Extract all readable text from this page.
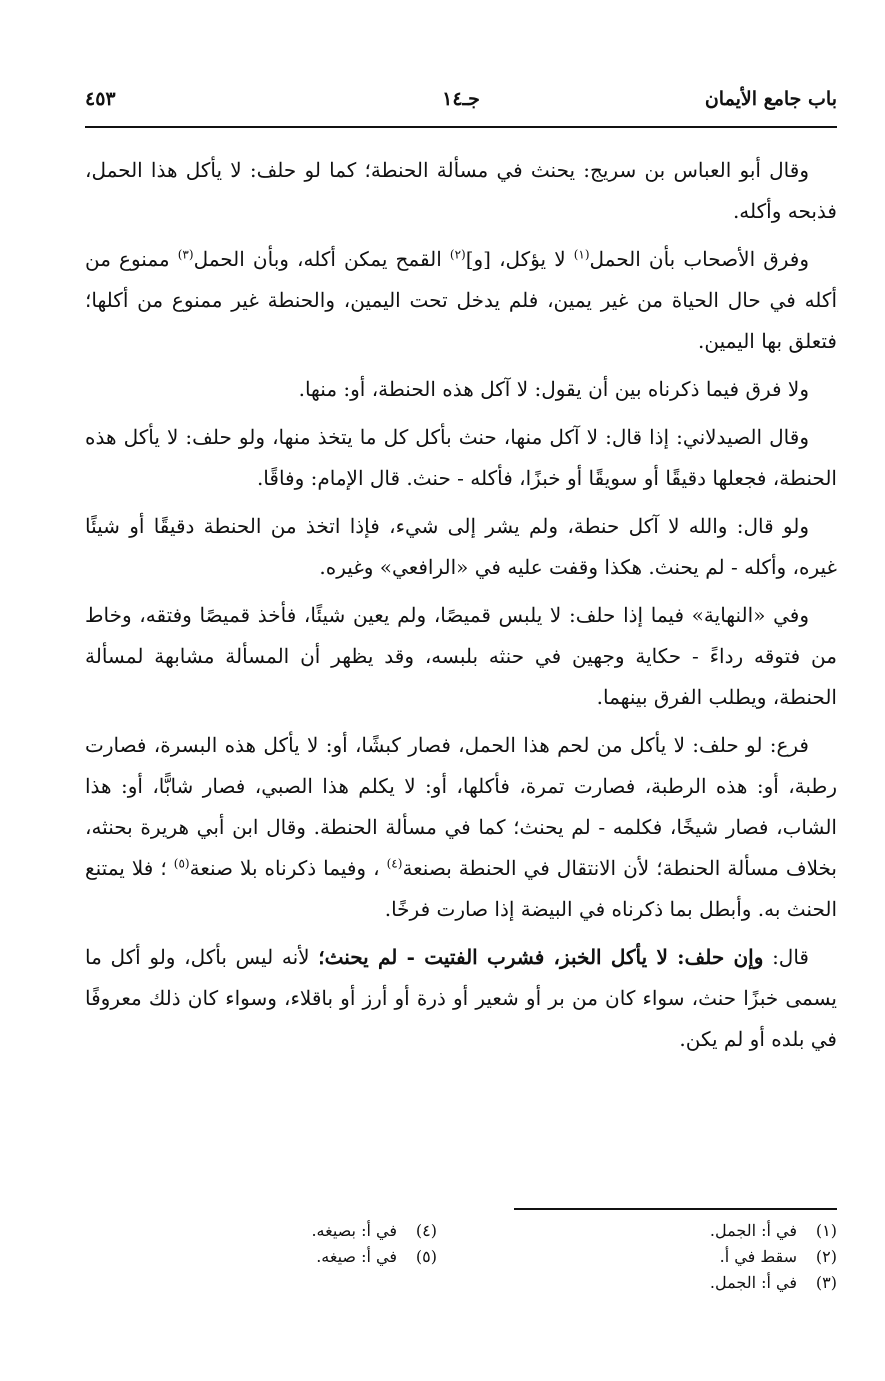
باب جامع الأيمان
جـ١٤
٤٥٣

وقال أبو العباس بن سريج: يحنث في مسألة الحنطة؛ كما لو حلف: لا يأكل هذا الحمل، فذبحه وأكله.

وفرق الأصحاب بأن الحمل$^{(١)}$ لا يؤكل، [و]$^{(٢)}$ القمح يمكن أكله، وبأن الحمل$^{(٣)}$ ممنوع من أكله في حال الحياة من غير يمين، فلم يدخل تحت اليمين، والحنطة غير ممنوع من أكلها؛ فتعلق بها اليمين.

ولا فرق فيما ذكرناه بين أن يقول: لا آكل هذه الحنطة، أو: منها.

وقال الصيدلاني: إذا قال: لا آكل منها، حنث بأكل كل ما يتخذ منها، ولو حلف: لا يأكل هذه الحنطة، فجعلها دقيقًا أو سويقًا أو خبزًا، فأكله - حنث. قال الإمام: وفاقًا.

ولو قال: والله لا آكل حنطة، ولم يشر إلى شيء، فإذا اتخذ من الحنطة دقيقًا أو شيئًا غيره، وأكله - لم يحنث. هكذا وقفت عليه في «الرافعي» وغيره.

وفي «النهاية» فيما إذا حلف: لا يلبس قميصًا، ولم يعين شيئًا، فأخذ قميصًا وفتقه، وخاط من فتوقه رداءً - حكاية وجهين في حنثه بلبسه، وقد يظهر أن المسألة مشابهة لمسألة الحنطة، ويطلب الفرق بينهما.

فرع: لو حلف: لا يأكل من لحم هذا الحمل، فصار كبشًا، أو: لا يأكل هذه البسرة، فصارت رطبة، أو: هذه الرطبة، فصارت تمرة، فأكلها، أو: لا يكلم هذا الصبي، فصار شابًّا، أو: هذا الشاب، فصار شيخًا، فكلمه - لم يحنث؛ كما في مسألة الحنطة. وقال ابن أبي هريرة بحنثه، بخلاف مسألة الحنطة؛ لأن الانتقال في الحنطة بصنعة$^{(٤)}$ ، وفيما ذكرناه بلا صنعة$^{(٥)}$ ؛ فلا يمتنع الحنث به. وأبطل بما ذكرناه في البيضة إذا صارت فرخًا.

قال: وإن حلف: لا يأكل الخبز، فشرب الفتيت - لم يحنث؛ لأنه ليس بأكل، ولو أكل ما يسمى خبزًا حنث، سواء كان من بر أو شعير أو ذرة أو أرز أو باقلاء، وسواء كان ذلك معروفًا في بلده أو لم يكن.

(١)في أ: الجمل.
(٢)سقط في أ.
(٣)في أ: الجمل.
(٤)في أ: بصيغه.
(٥)في أ: صيغه.
